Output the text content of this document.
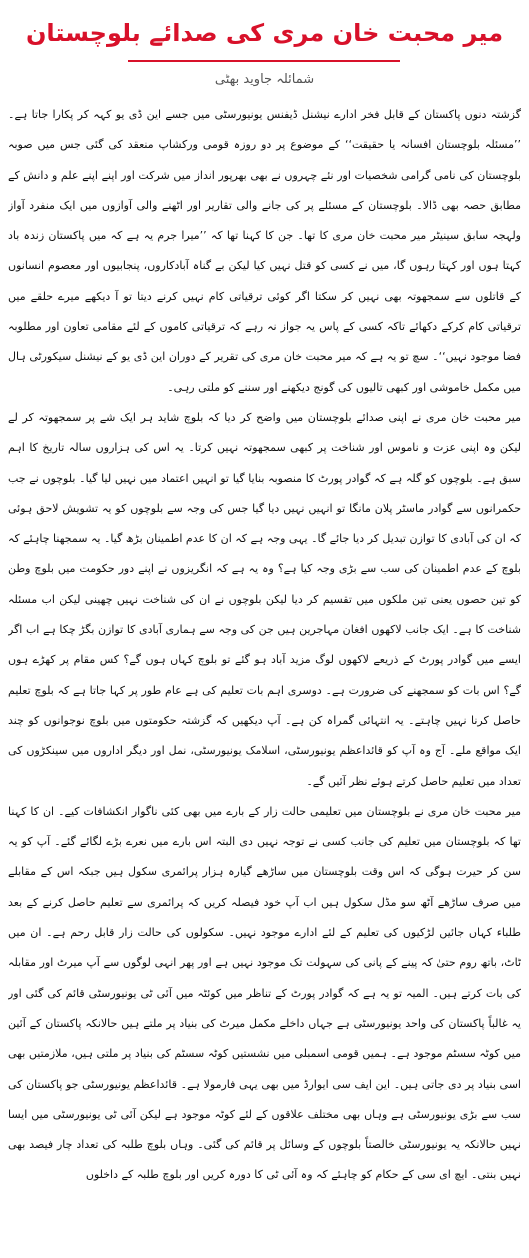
میر محبت خان مری کی صدائے بلوچستان
شمائلہ جاوید بھٹی

گزشتہ دنوں پاکستان کے قابل فخر ادارے نیشنل ڈیفنس یونیورسٹی میں جسے این ڈی یو کہہ کر پکارا جاتا ہے۔ ’’مسئلہ بلوچستان افسانہ یا حقیقت‘‘ کے موضوع پر دو روزہ قومی ورکشاپ منعقد کی گئی جس میں صوبہ بلوچستان کی نامی گرامی شخصیات اور نئے چہروں نے بھی بھرپور انداز میں شرکت اور اپنے اپنے علم و دانش کے مطابق حصہ بھی ڈالا۔ بلوچستان کے مسئلے پر کی جانے والی تقاریر اور اٹھنے والی آوازوں میں ایک منفرد آواز ولہجہ سابق سینیٹر میر محبت خان مری کا تھا۔ جن کا کہنا تھا کہ ’’میرا جرم یہ ہے کہ میں پاکستان زندہ باد کہتا ہوں اور کہتا رہوں گا، میں نے کسی کو قتل نہیں کیا لیکن بے گناہ آبادکاروں، پنجابیوں اور معصوم انسانوں کے قاتلوں سے سمجھوتہ بھی نہیں کر سکتا اگر کوئی ترقیاتی کام نہیں کرنے دیتا تو آ دیکھے میرے حلقے میں ترقیاتی کام کرکے دکھائے تاکہ کسی کے پاس یہ جواز نہ رہے کہ ترقیاتی کاموں کے لئے مقامی تعاون اور مطلوبہ فضا موجود نہیں‘‘۔ سچ تو یہ ہے کہ میر محبت خان مری کی تقریر کے دوران این ڈی یو کے نیشنل سیکورٹی ہال میں مکمل خاموشی اور کبھی تالیوں کی گونج دیکھنے اور سننے کو ملتی رہی۔

میر محبت خان مری نے اپنی صدائے بلوچستان میں واضح کر دیا کہ بلوچ شاید ہر ایک شے پر سمجھوتہ کر لے لیکن وہ اپنی عزت و ناموس اور شناخت پر کبھی سمجھوتہ نہیں کرتا۔ یہ اس کی ہزاروں سالہ تاریخ کا اہم سبق ہے۔ بلوچوں کو گلہ ہے کہ گوادر پورٹ کا منصوبہ بنایا گیا تو انہیں اعتماد میں نہیں لیا گیا۔ بلوچوں نے جب حکمرانوں سے گوادر ماسٹر پلان مانگا تو انہیں نہیں دیا گیا جس کی وجہ سے بلوچوں کو یہ تشویش لاحق ہوئی کہ ان کی آبادی کا توازن تبدیل کر دیا جائے گا۔ یہی وجہ ہے کہ ان کا عدم اطمینان بڑھ گیا۔ یہ سمجھنا چاہئے کہ بلوچ کے عدم اطمینان کی سب سے بڑی وجہ کیا ہے؟ وہ یہ ہے کہ انگریزوں نے اپنے دور حکومت میں بلوچ وطن کو تین حصوں یعنی تین ملکوں میں تقسیم کر دیا لیکن بلوچوں نے ان کی شناخت نہیں چھینی لیکن اب مسئلہ شناخت کا ہے۔ ایک جانب لاکھوں افغان مہاجرین ہیں جن کی وجہ سے ہماری آبادی کا توازن بگڑ چکا ہے اب اگر ایسے میں گوادر پورٹ کے ذریعے لاکھوں لوگ مزید آباد ہو گئے تو بلوچ کہاں ہوں گے؟ کس مقام پر کھڑے ہوں گے؟ اس بات کو سمجھنے کی ضرورت ہے۔ دوسری اہم بات تعلیم کی ہے عام طور پر کہا جاتا ہے کہ بلوچ تعلیم حاصل کرنا نہیں چاہتے۔ یہ انتہائی گمراہ کن ہے۔ آپ دیکھیں کہ گزشتہ حکومتوں میں بلوچ نوجوانوں کو چند ایک مواقع ملے۔ آج وہ آپ کو قائداعظم یونیورسٹی، اسلامک یونیورسٹی، نمل اور دیگر اداروں میں سینکڑوں کی تعداد میں تعلیم حاصل کرتے ہوئے نظر آئیں گے۔

میر محبت خان مری نے بلوچستان میں تعلیمی حالت زار کے بارے میں بھی کئی ناگوار انکشافات کیے۔ ان کا کہنا تھا کہ بلوچستان میں تعلیم کی جانب کسی نے توجہ نہیں دی البتہ اس بارے میں نعرے بڑے لگائے گئے۔ آپ کو یہ سن کر حیرت ہوگی کہ اس وقت بلوچستان میں ساڑھے گیارہ ہزار پرائمری سکول ہیں جبکہ اس کے مقابلے میں صرف ساڑھے آٹھ سو مڈل سکول ہیں اب آپ خود فیصلہ کریں کہ پرائمری سے تعلیم حاصل کرنے کے بعد طلباء کہاں جائیں لڑکیوں کی تعلیم کے لئے ادارے موجود نہیں۔ سکولوں کی حالت زار قابل رحم ہے۔ ان میں ٹاٹ، باتھ روم حتیٰ کہ پینے کے پانی کی سہولت تک موجود نہیں ہے اور پھر انہی لوگوں سے آپ میرٹ اور مقابلہ کی بات کرتے ہیں۔ المیہ تو یہ ہے کہ گوادر پورٹ کے تناظر میں کوئٹہ میں آئی ٹی یونیورسٹی قائم کی گئی اور یہ غالباً پاکستان کی واحد یونیورسٹی ہے جہاں داخلے مکمل میرٹ کی بنیاد پر ملتے ہیں حالانکہ پاکستان کے آئین میں کوٹہ سسٹم موجود ہے۔ ہمیں قومی اسمبلی میں نشستیں کوٹہ سسٹم کی بنیاد پر ملتی ہیں، ملازمتیں بھی اسی بنیاد پر دی جاتی ہیں۔ این ایف سی ایوارڈ میں بھی یہی فارمولا ہے۔ قائداعظم یونیورسٹی جو پاکستان کی سب سے بڑی یونیورسٹی ہے وہاں بھی مختلف علاقوں کے لئے کوٹہ موجود ہے لیکن آئی ٹی یونیورسٹی میں ایسا نہیں حالانکہ یہ یونیورسٹی خالصتاً بلوچوں کے وسائل پر قائم کی گئی۔ وہاں بلوچ طلبہ کی تعداد چار فیصد بھی نہیں بنتی۔ ایچ ای سی کے حکام کو چاہئے کہ وہ آئی ٹی کا دورہ کریں اور بلوچ طلبہ کے داخلوں
